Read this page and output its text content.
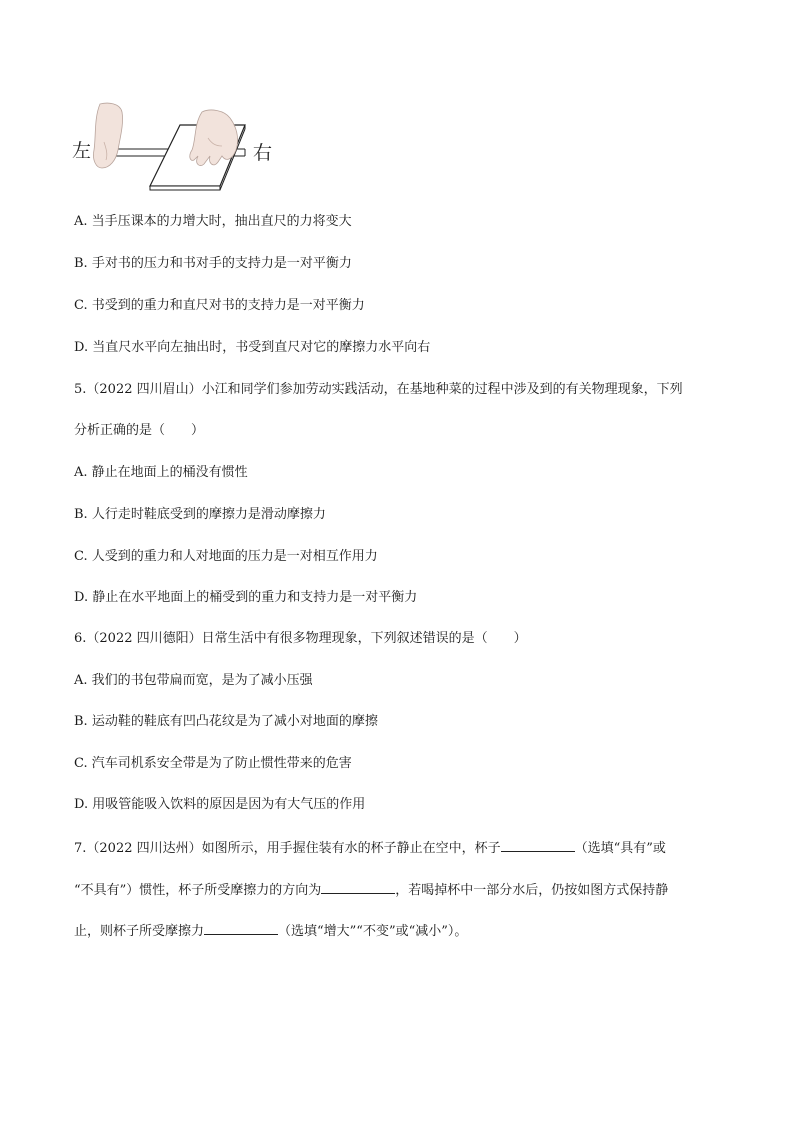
左	右
A. 当手压课本的力增大时，抽出直尺的力将变大
B. 手对书的压力和书对手的支持力是一对平衡力
C. 书受到的重力和直尺对书的支持力是一对平衡力
D. 当直尺水平向左抽出时，书受到直尺对它的摩擦力水平向右
5.（2022 四川眉山）小江和同学们参加劳动实践活动，在基地种菜的过程中涉及到的有关物理现象，下列
分析正确的是（　　）
A. 静止在地面上的桶没有惯性
B. 人行走时鞋底受到的摩擦力是滑动摩擦力
C. 人受到的重力和人对地面的压力是一对相互作用力
D. 静止在水平地面上的桶受到的重力和支持力是一对平衡力
6.（2022 四川德阳）日常生活中有很多物理现象，下列叙述错误的是（　　）
A. 我们的书包带扁而宽，是为了减小压强
B. 运动鞋的鞋底有凹凸花纹是为了减小对地面的摩擦
C. 汽车司机系安全带是为了防止惯性带来的危害
D. 用吸管能吸入饮料的原因是因为有大气压的作用
7.（2022 四川达州）如图所示，用手握住装有水的杯子静止在空中，杯子	（选填“具有”或
“不具有”）惯性，杯子所受摩擦力的方向为	，若喝掉杯中一部分水后，仍按如图方式保持静
止，则杯子所受摩擦力	（选填“增大”“不变”或“减小”）。
